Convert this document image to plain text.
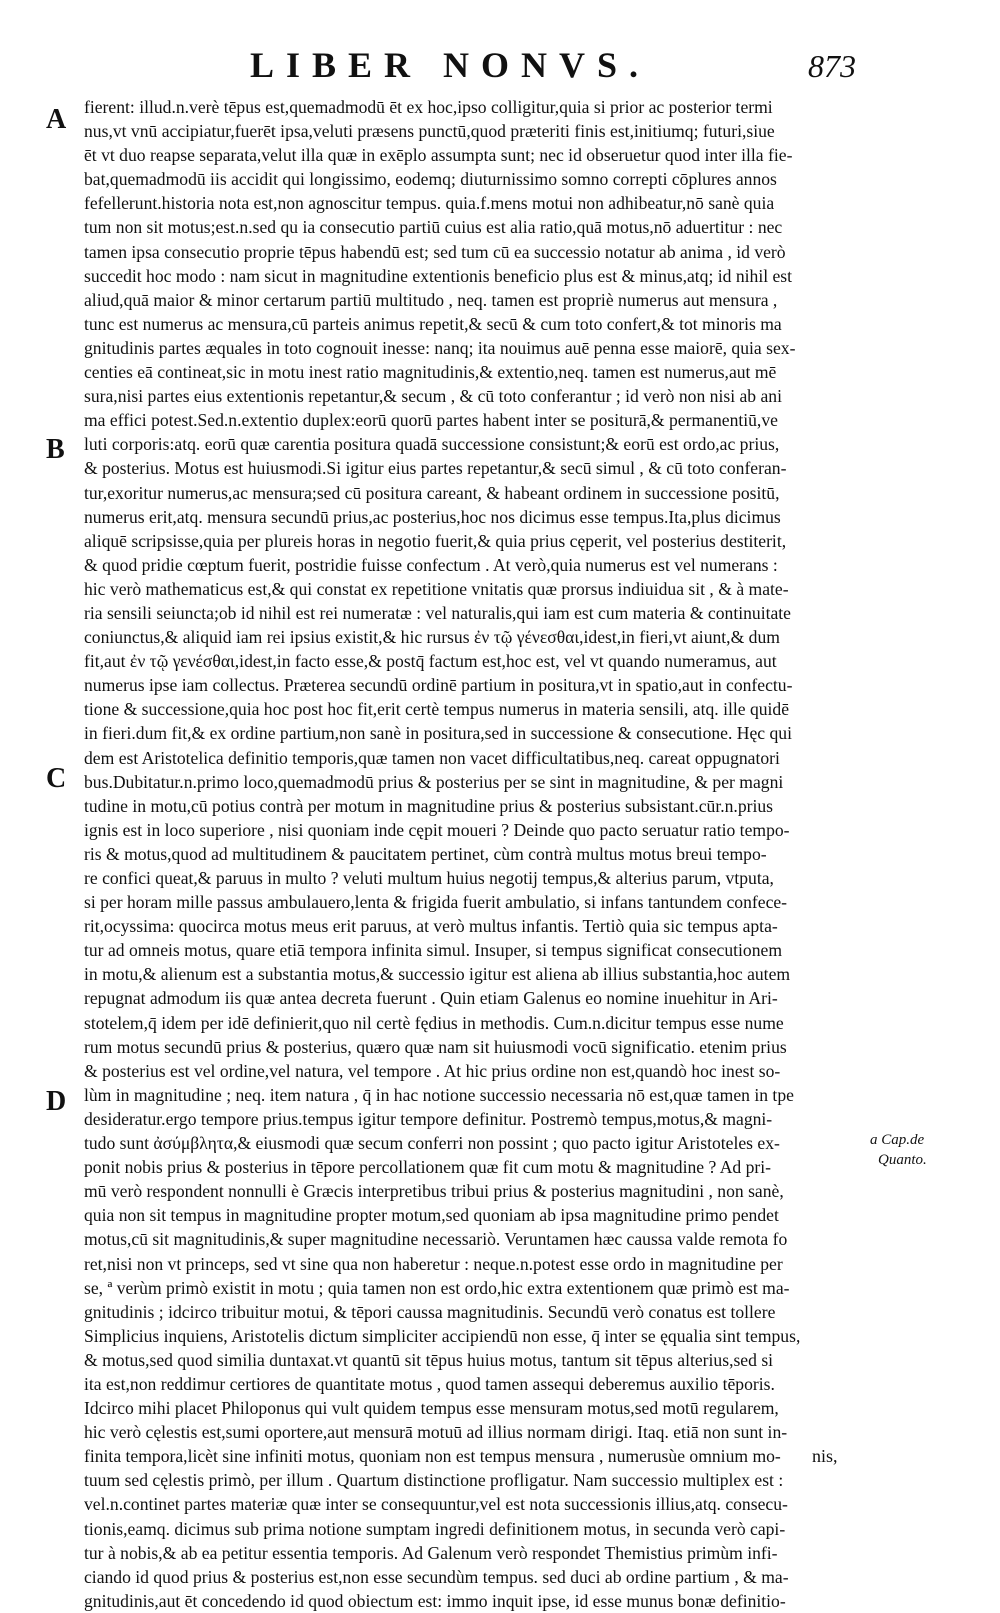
LIBER NONVS.	873
A
B
C
D
fierent: illud.n.verè tēpus est,quemadmodū ēt ex hoc,ipso colligitur,quia si prior ac posterior termi
nus,vt vnū accipiatur,fuerēt ipsa,veluti præsens punctū,quod præteriti finis est,initiumq; futuri,siue
ēt vt duo reapse separata,velut illa quæ in exēplo assumpta sunt; nec id obseruetur quod inter illa fie-
bat,quemadmodū iis accidit qui longissimo, eodemq; diuturnissimo somno correpti cōplures annos
fefellerunt.historia nota est,non agnoscitur tempus. quia.f.mens motui non adhibeatur,nō sanè quia
tum non sit motus;est.n.sed qu ia consecutio partiū cuius est alia ratio,quā motus,nō aduertitur : nec
tamen ipsa consecutio proprie tēpus habendū est; sed tum cū ea successio notatur ab anima , id verò
succedit hoc modo : nam sicut in magnitudine extentionis beneficio plus est & minus,atq; id nihil est
aliud,quā maior & minor certarum partiū multitudo , neq. tamen est propriè numerus aut mensura ,
tunc est numerus ac mensura,cū parteis animus repetit,& secū & cum toto confert,& tot minoris ma
gnitudinis partes æquales in toto cognouit inesse: nanq; ita nouimus auē penna esse maiorē, quia sex-
centies eā contineat,sic in motu inest ratio magnitudinis,& extentio,neq. tamen est numerus,aut mē
sura,nisi partes eius extentionis repetantur,& secum , & cū toto conferantur ; id verò non nisi ab ani
ma effici potest.Sed.n.extentio duplex:eorū quorū partes habent inter se positurā,& permanentiū,ve
luti corporis:atq. eorū quæ carentia positura quadā successione consistunt;& eorū est ordo,ac prius,
& posterius. Motus est huiusmodi.Si igitur eius partes repetantur,& secū simul , & cū toto conferan-
tur,exoritur numerus,ac mensura;sed cū positura careant, & habeant ordinem in successione positū,
numerus erit,atq. mensura secundū prius,ac posterius,hoc nos dicimus esse tempus.Ita,plus dicimus
aliquē scripsisse,quia per plureis horas in negotio fuerit,& quia prius cęperit, vel posterius destiterit,
& quod pridie cœptum fuerit, postridie fuisse confectum . At verò,quia numerus est vel numerans :
hic verò mathematicus est,& qui constat ex repetitione vnitatis quæ prorsus indiuidua sit , & à mate-
ria sensili seiuncta;ob id nihil est rei numeratæ : vel naturalis,qui iam est cum materia & continuitate
coniunctus,& aliquid iam rei ipsius existit,& hic rursus ἐν τῷ γένεσθαι,idest,in fieri,vt aiunt,& dum
fit,aut ἐν τῷ γενέσθαι,idest,in facto esse,& postq̄ factum est,hoc est, vel vt quando numeramus, aut
numerus ipse iam collectus. Præterea secundū ordinē partium in positura,vt in spatio,aut in confectu-
tione & successione,quia hoc post hoc fit,erit certè tempus numerus in materia sensili, atq. ille quidē
in fieri.dum fit,& ex ordine partium,non sanè in positura,sed in successione & consecutione. Hęc qui
dem est Aristotelica definitio temporis,quæ tamen non vacet difficultatibus,neq. careat oppugnatori
bus.Dubitatur.n.primo loco,quemadmodū prius & posterius per se sint in magnitudine, & per magni
tudine in motu,cū potius contrà per motum in magnitudine prius & posterius subsistant.cūr.n.prius
ignis est in loco superiore , nisi quoniam inde cępit moueri ? Deinde quo pacto seruatur ratio tempo-
ris & motus,quod ad multitudinem & paucitatem pertinet, cùm contrà multus motus breui tempo-
re confici queat,& paruus in multo ? veluti multum huius negotij tempus,& alterius parum, vtputa,
si per horam mille passus ambulauero,lenta & frigida fuerit ambulatio, si infans tantundem confece-
rit,ocyssima: quocirca motus meus erit paruus, at verò multus infantis. Tertiò quia sic tempus apta-
tur ad omneis motus, quare etiā tempora infinita simul. Insuper, si tempus significat consecutionem
in motu,& alienum est a substantia motus,& successio igitur est aliena ab illius substantia,hoc autem
repugnat admodum iis quæ antea decreta fuerunt . Quin etiam Galenus eo nomine inuehitur in Ari-
stotelem,q̄ idem per idē definierit,quo nil certè fędius in methodis. Cum.n.dicitur tempus esse nume
rum motus secundū prius & posterius, quæro quæ nam sit huiusmodi vocū significatio. etenim prius
& posterius est vel ordine,vel natura, vel tempore . At hic prius ordine non est,quandò hoc inest so-
lùm in magnitudine ; neq. item natura , q̄ in hac notione successio necessaria nō est,quæ tamen in tpe
desideratur.ergo tempore prius.tempus igitur tempore definitur. Postremò tempus,motus,& magni-
tudo sunt ἀσύμβλητα,& eiusmodi quæ secum conferri non possint ; quo pacto igitur Aristoteles ex-
ponit nobis prius & posterius in tēpore percollationem quæ fit cum motu & magnitudine ? Ad pri-
mū verò respondent nonnulli è Græcis interpretibus tribui prius & posterius magnitudini , non sanè,
quia non sit tempus in magnitudine propter motum,sed quoniam ab ipsa magnitudine primo pendet
motus,cū sit magnitudinis,& super magnitudine necessariò. Veruntamen hæc caussa valde remota fo
ret,nisi non vt princeps, sed vt sine qua non haberetur : neque.n.potest esse ordo in magnitudine per
se, ª verùm primò existit in motu ; quia tamen non est ordo,hic extra extentionem quæ primò est ma-
gnitudinis ; idcirco tribuitur motui, & tēpori caussa magnitudinis. Secundū verò conatus est tollere
Simplicius inquiens, Aristotelis dictum simpliciter accipiendū non esse, q̄ inter se ęqualia sint tempus,
& motus,sed quod similia duntaxat.vt quantū sit tēpus huius motus, tantum sit tēpus alterius,sed si
ita est,non reddimur certiores de quantitate motus , quod tamen assequi deberemus auxilio tēporis.
Idcirco mihi placet Philoponus qui vult quidem tempus esse mensuram motus,sed motū regularem,
hic verò cęlestis est,sumi oportere,aut mensurā motuū ad illius normam dirigi. Itaq. etiā non sunt in-
finita tempora,licèt sine infiniti motus, quoniam non est tempus mensura , numerusùe omnium mo-
tuum sed cęlestis primò, per illum . Quartum distinctione profligatur. Nam successio multiplex est :
vel.n.continet partes materiæ quæ inter se consequuntur,vel est nota successionis illius,atq. consecu-
tionis,eamq. dicimus sub prima notione sumptam ingredi definitionem motus, in secunda verò capi-
tur à nobis,& ab ea petitur essentia temporis. Ad Galenum verò respondet Themistius primùm infi-
ciando id quod prius & posterius est,non esse secundùm tempus. sed duci ab ordine partium , & ma-
gnitudinis,aut ēt concedendo id quod obiectum est: immo inquit ipse, id esse munus bonæ definitio-
a Cap.de
Quanto.
nis,
